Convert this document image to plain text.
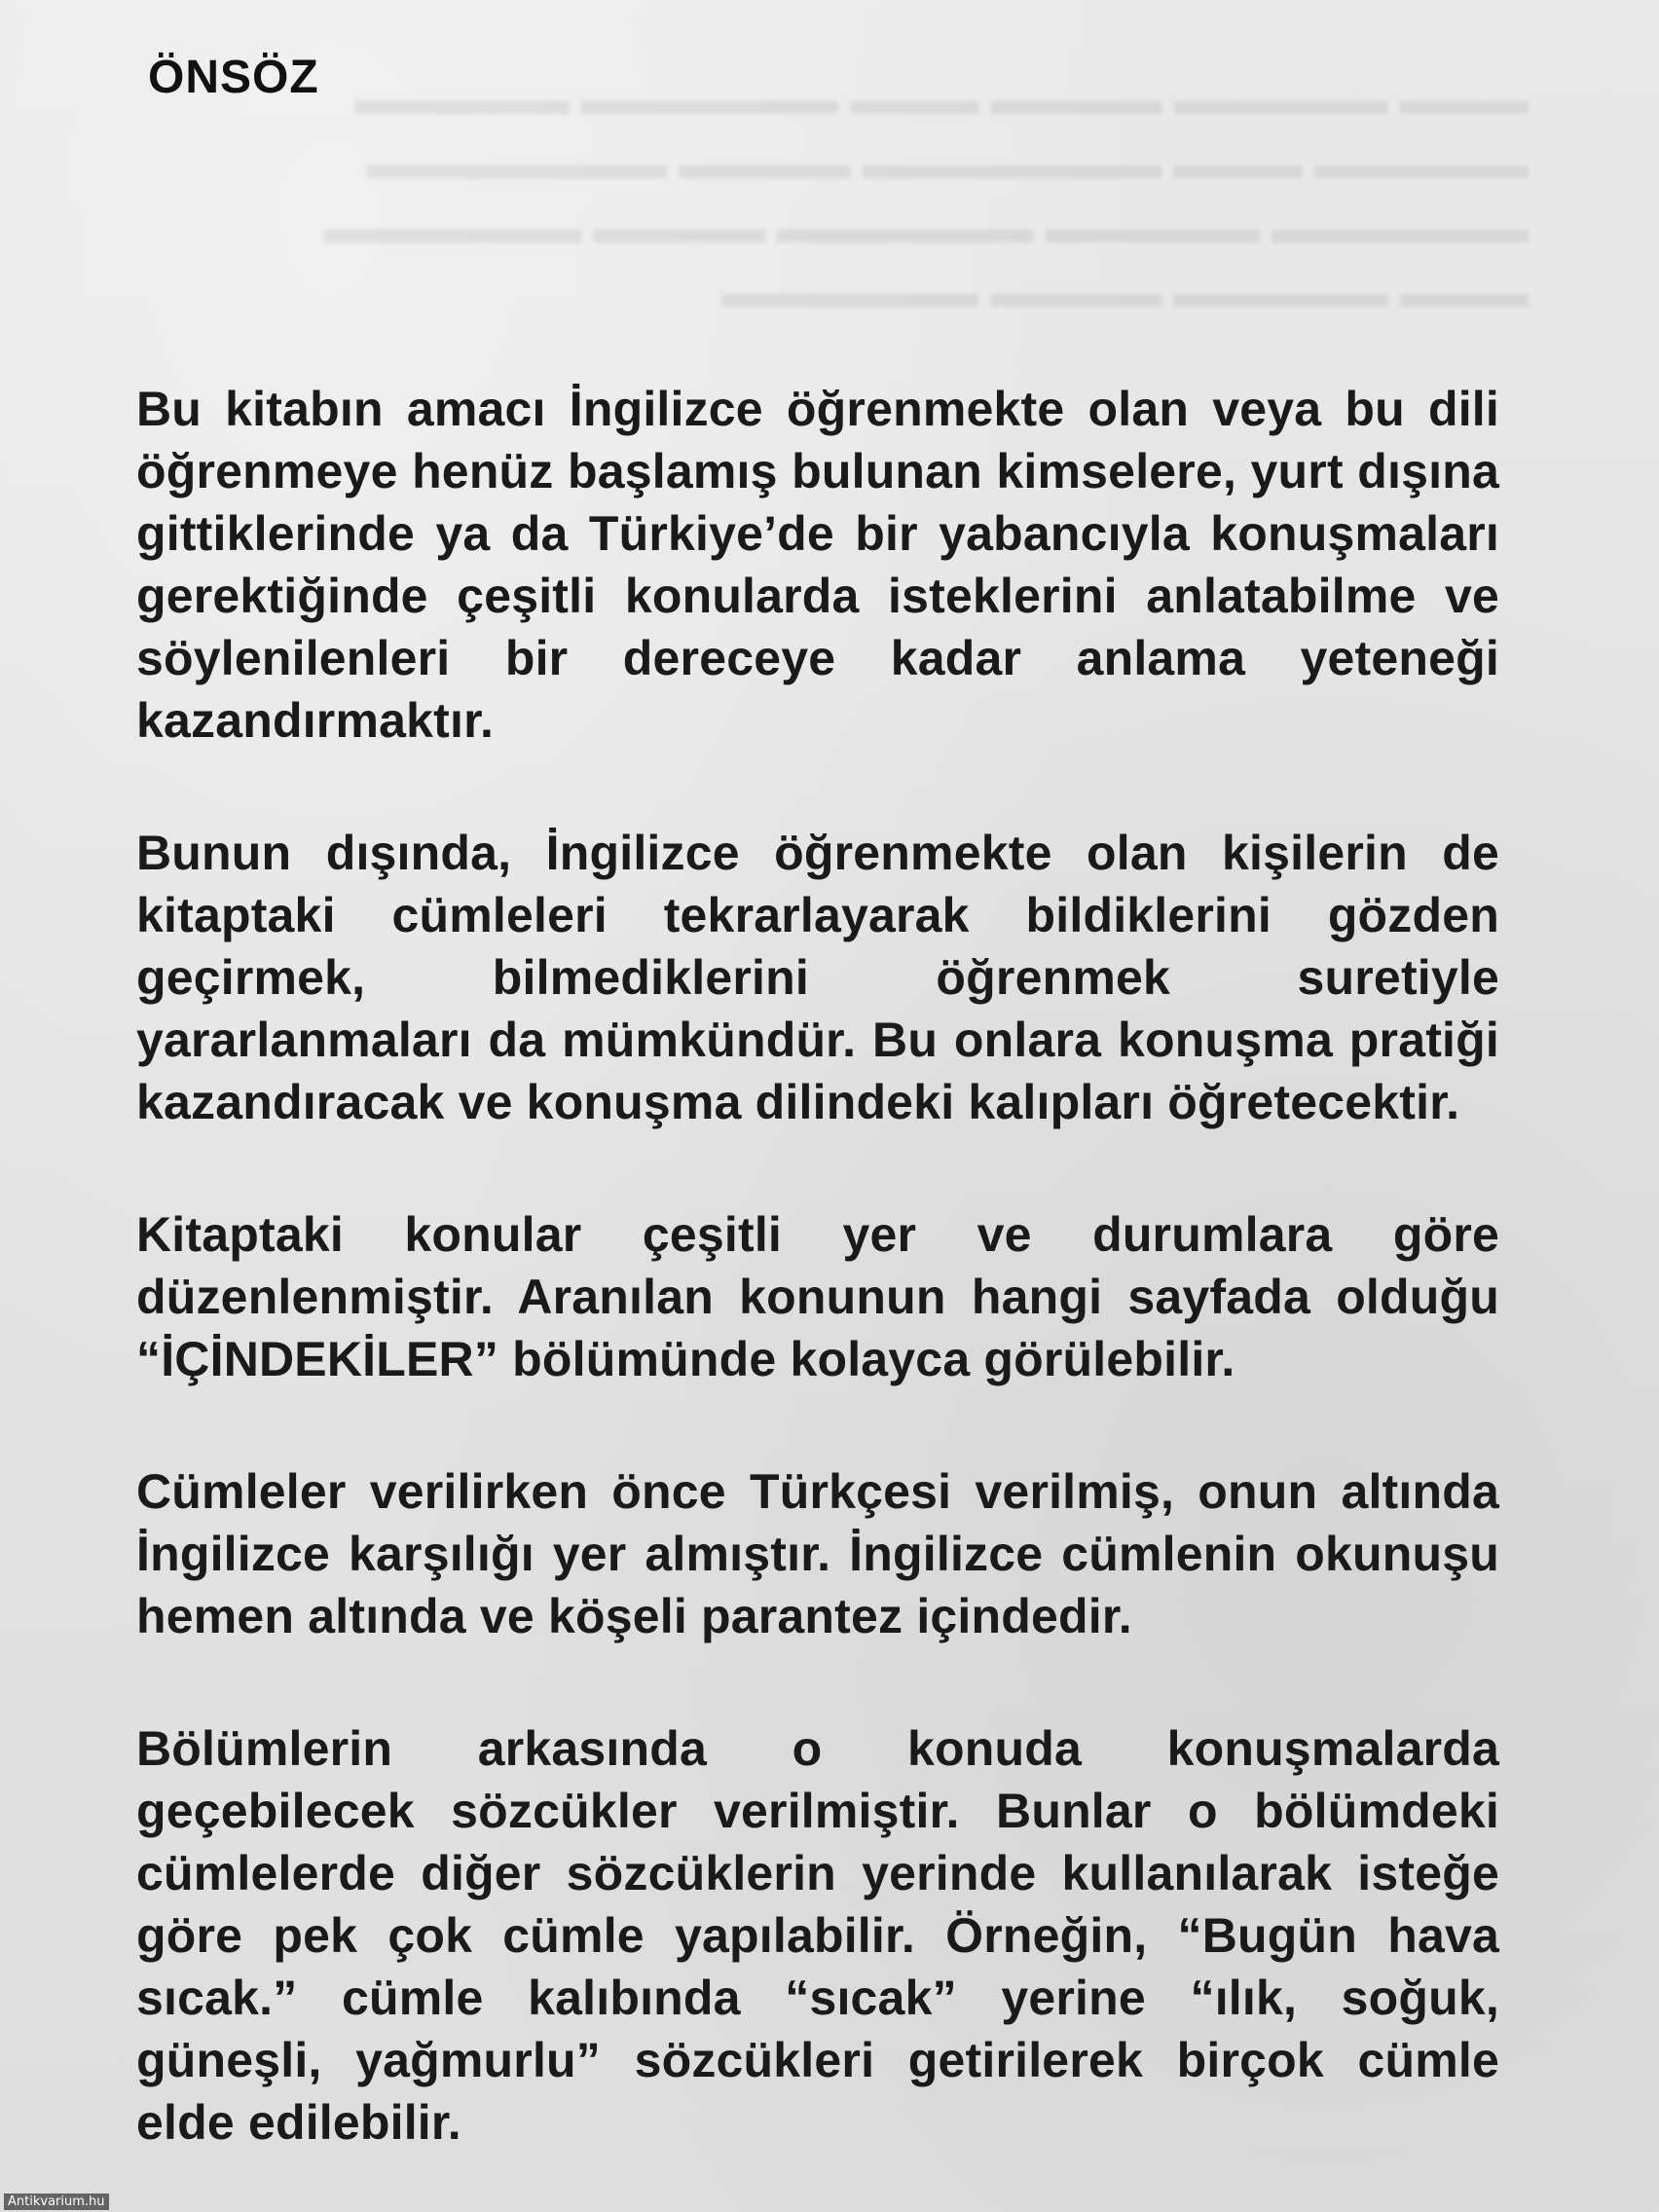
▬▬▬ ▬▬▬▬▬ ▬▬▬▬ ▬▬▬ ▬▬▬▬▬▬ ▬▬▬▬▬
▬▬▬▬▬ ▬▬▬ ▬▬▬▬▬▬▬ ▬▬▬▬ ▬▬▬▬▬▬▬
▬▬▬▬▬▬ ▬▬▬▬▬ ▬▬▬▬▬▬ ▬▬▬▬ ▬▬▬▬▬▬
▬▬▬ ▬▬▬▬▬ ▬▬▬▬ ▬▬▬▬▬▬
ÖNSÖZ

Bu kitabın amacı İngilizce öğrenmekte olan veya bu dili öğrenmeye henüz başlamış bulunan kimselere, yurt dışına gittiklerinde ya da Türkiye’de bir yabancıyla konuşmaları gerektiğinde çeşitli konularda isteklerini anlatabilme ve söylenilenleri bir dereceye kadar anlama yeteneği kazandırmaktır.

Bunun dışında, İngilizce öğrenmekte olan kişilerin de kitaptaki cümleleri tekrarlayarak bildiklerini gözden geçirmek, bilmediklerini öğrenmek suretiyle yararlanmaları da mümkündür. Bu onlara konuşma pratiği kazandıracak ve konuşma dilindeki kalıpları öğretecektir.

Kitaptaki konular çeşitli yer ve durumlara göre düzenlenmiştir. Aranılan konunun hangi sayfada olduğu “İÇİNDEKİLER” bölümünde kolayca görülebilir.

Cümleler verilirken önce Türkçesi verilmiş, onun altında İngilizce karşılığı yer almıştır. İngilizce cümlenin okunuşu hemen altında ve köşeli parantez içindedir.

Bölümlerin arkasında o konuda konuşmalarda geçebilecek sözcükler verilmiştir. Bunlar o bölümdeki cümlelerde diğer sözcüklerin yerinde kullanılarak isteğe göre pek çok cümle yapılabilir. Örneğin, “Bugün hava sıcak.” cümle kalıbında “sıcak” yerine “ılık, soğuk, güneşli, yağmurlu” sözcükleri getirilerek birçok cümle elde edilebilir.

Antikvarium.hu
